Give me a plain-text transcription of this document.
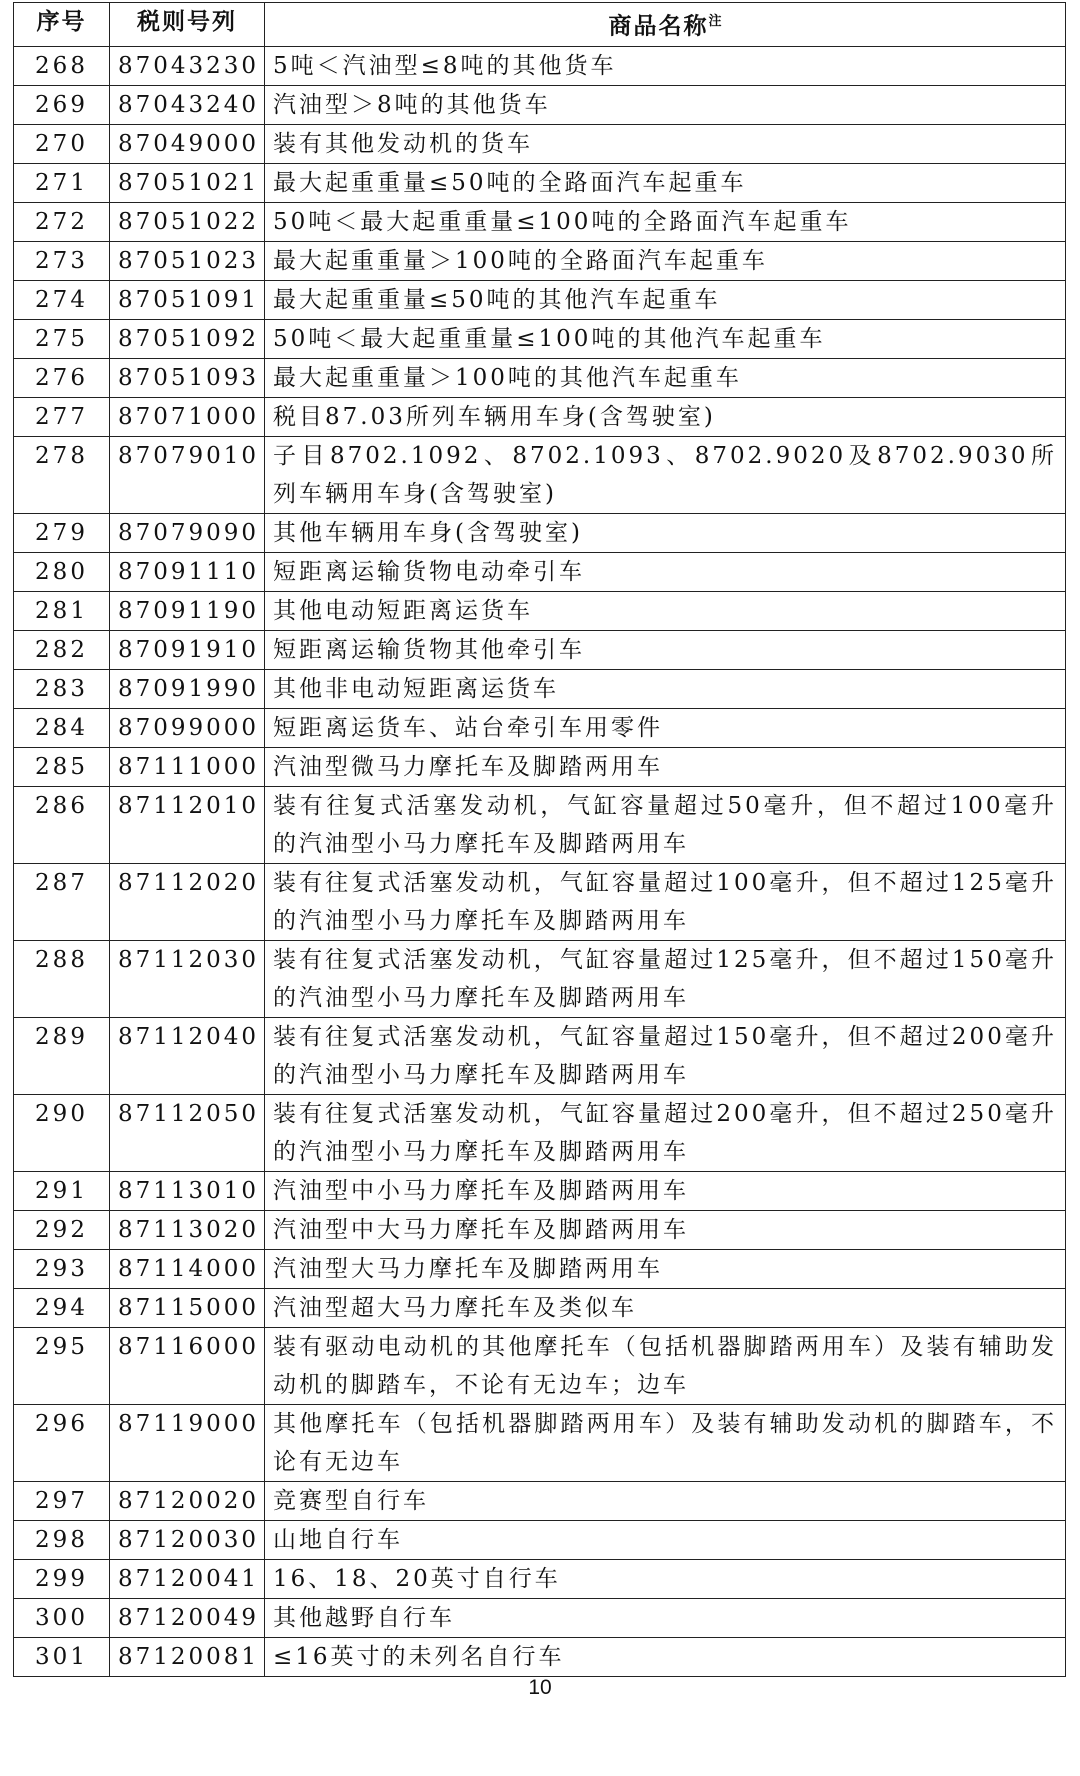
序号	税则号列	商品名称$^注$
268	87043230	5吨＜汽油型≤8吨的其他货车
269	87043240	汽油型＞8吨的其他货车
270	87049000	装有其他发动机的货车
271	87051021	最大起重重量≤50吨的全路面汽车起重车
272	87051022	50吨＜最大起重重量≤100吨的全路面汽车起重车
273	87051023	最大起重重量＞100吨的全路面汽车起重车
274	87051091	最大起重重量≤50吨的其他汽车起重车
275	87051092	50吨＜最大起重重量≤100吨的其他汽车起重车
276	87051093	最大起重重量＞100吨的其他汽车起重车
277	87071000	税目87.03所列车辆用车身(含驾驶室)
278	87079010	子目8702.1092、8702.1093、8702.9020及8702.9030所列车辆用车身(含驾驶室)
279	87079090	其他车辆用车身(含驾驶室)
280	87091110	短距离运输货物电动牵引车
281	87091190	其他电动短距离运货车
282	87091910	短距离运输货物其他牵引车
283	87091990	其他非电动短距离运货车
284	87099000	短距离运货车、站台牵引车用零件
285	87111000	汽油型微马力摩托车及脚踏两用车
286	87112010	装有往复式活塞发动机，气缸容量超过50毫升，但不超过100毫升的汽油型小马力摩托车及脚踏两用车
287	87112020	装有往复式活塞发动机，气缸容量超过100毫升，但不超过125毫升的汽油型小马力摩托车及脚踏两用车
288	87112030	装有往复式活塞发动机，气缸容量超过125毫升，但不超过150毫升的汽油型小马力摩托车及脚踏两用车
289	87112040	装有往复式活塞发动机，气缸容量超过150毫升，但不超过200毫升的汽油型小马力摩托车及脚踏两用车
290	87112050	装有往复式活塞发动机，气缸容量超过200毫升，但不超过250毫升的汽油型小马力摩托车及脚踏两用车
291	87113010	汽油型中小马力摩托车及脚踏两用车
292	87113020	汽油型中大马力摩托车及脚踏两用车
293	87114000	汽油型大马力摩托车及脚踏两用车
294	87115000	汽油型超大马力摩托车及类似车
295	87116000	装有驱动电动机的其他摩托车（包括机器脚踏两用车）及装有辅助发动机的脚踏车，不论有无边车；边车
296	87119000	其他摩托车（包括机器脚踏两用车）及装有辅助发动机的脚踏车，不论有无边车
297	87120020	竞赛型自行车
298	87120030	山地自行车
299	87120041	16、18、20英寸自行车
300	87120049	其他越野自行车
301	87120081	≤16英寸的未列名自行车
10
